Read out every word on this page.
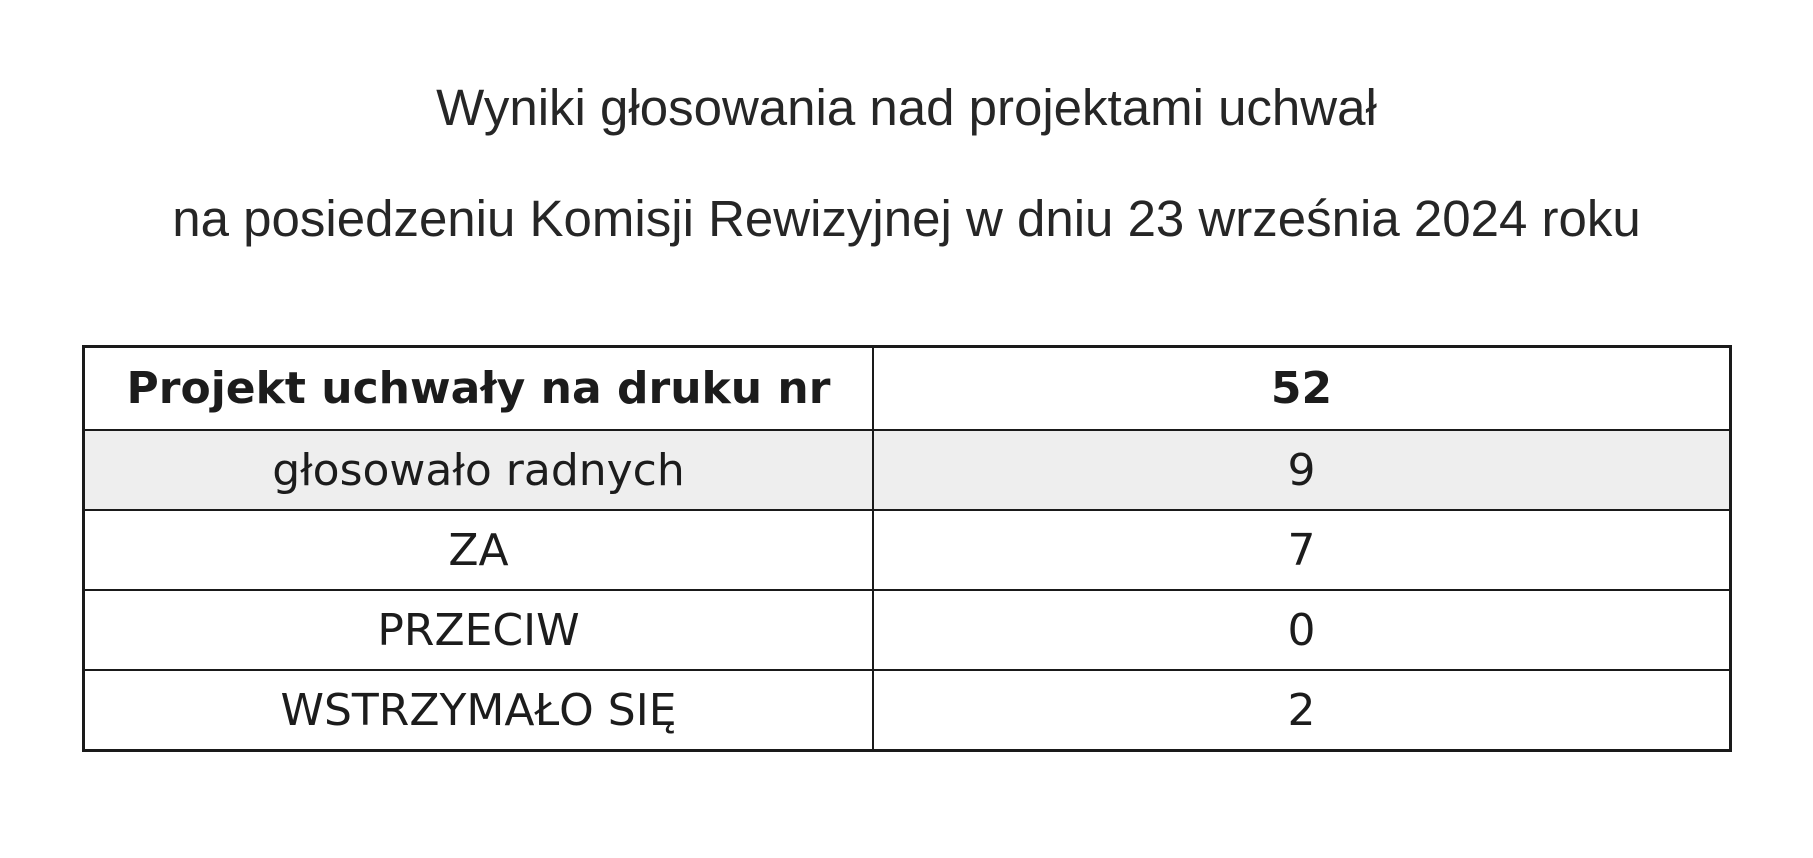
Wyniki głosowania nad projektami uchwał
na posiedzeniu Komisji Rewizyjnej w dniu 23 września 2024 roku
Projekt uchwały na druku nr	52
głosowało radnych	9
ZA	7
PRZECIW	0
WSTRZYMAŁO SIĘ	2
